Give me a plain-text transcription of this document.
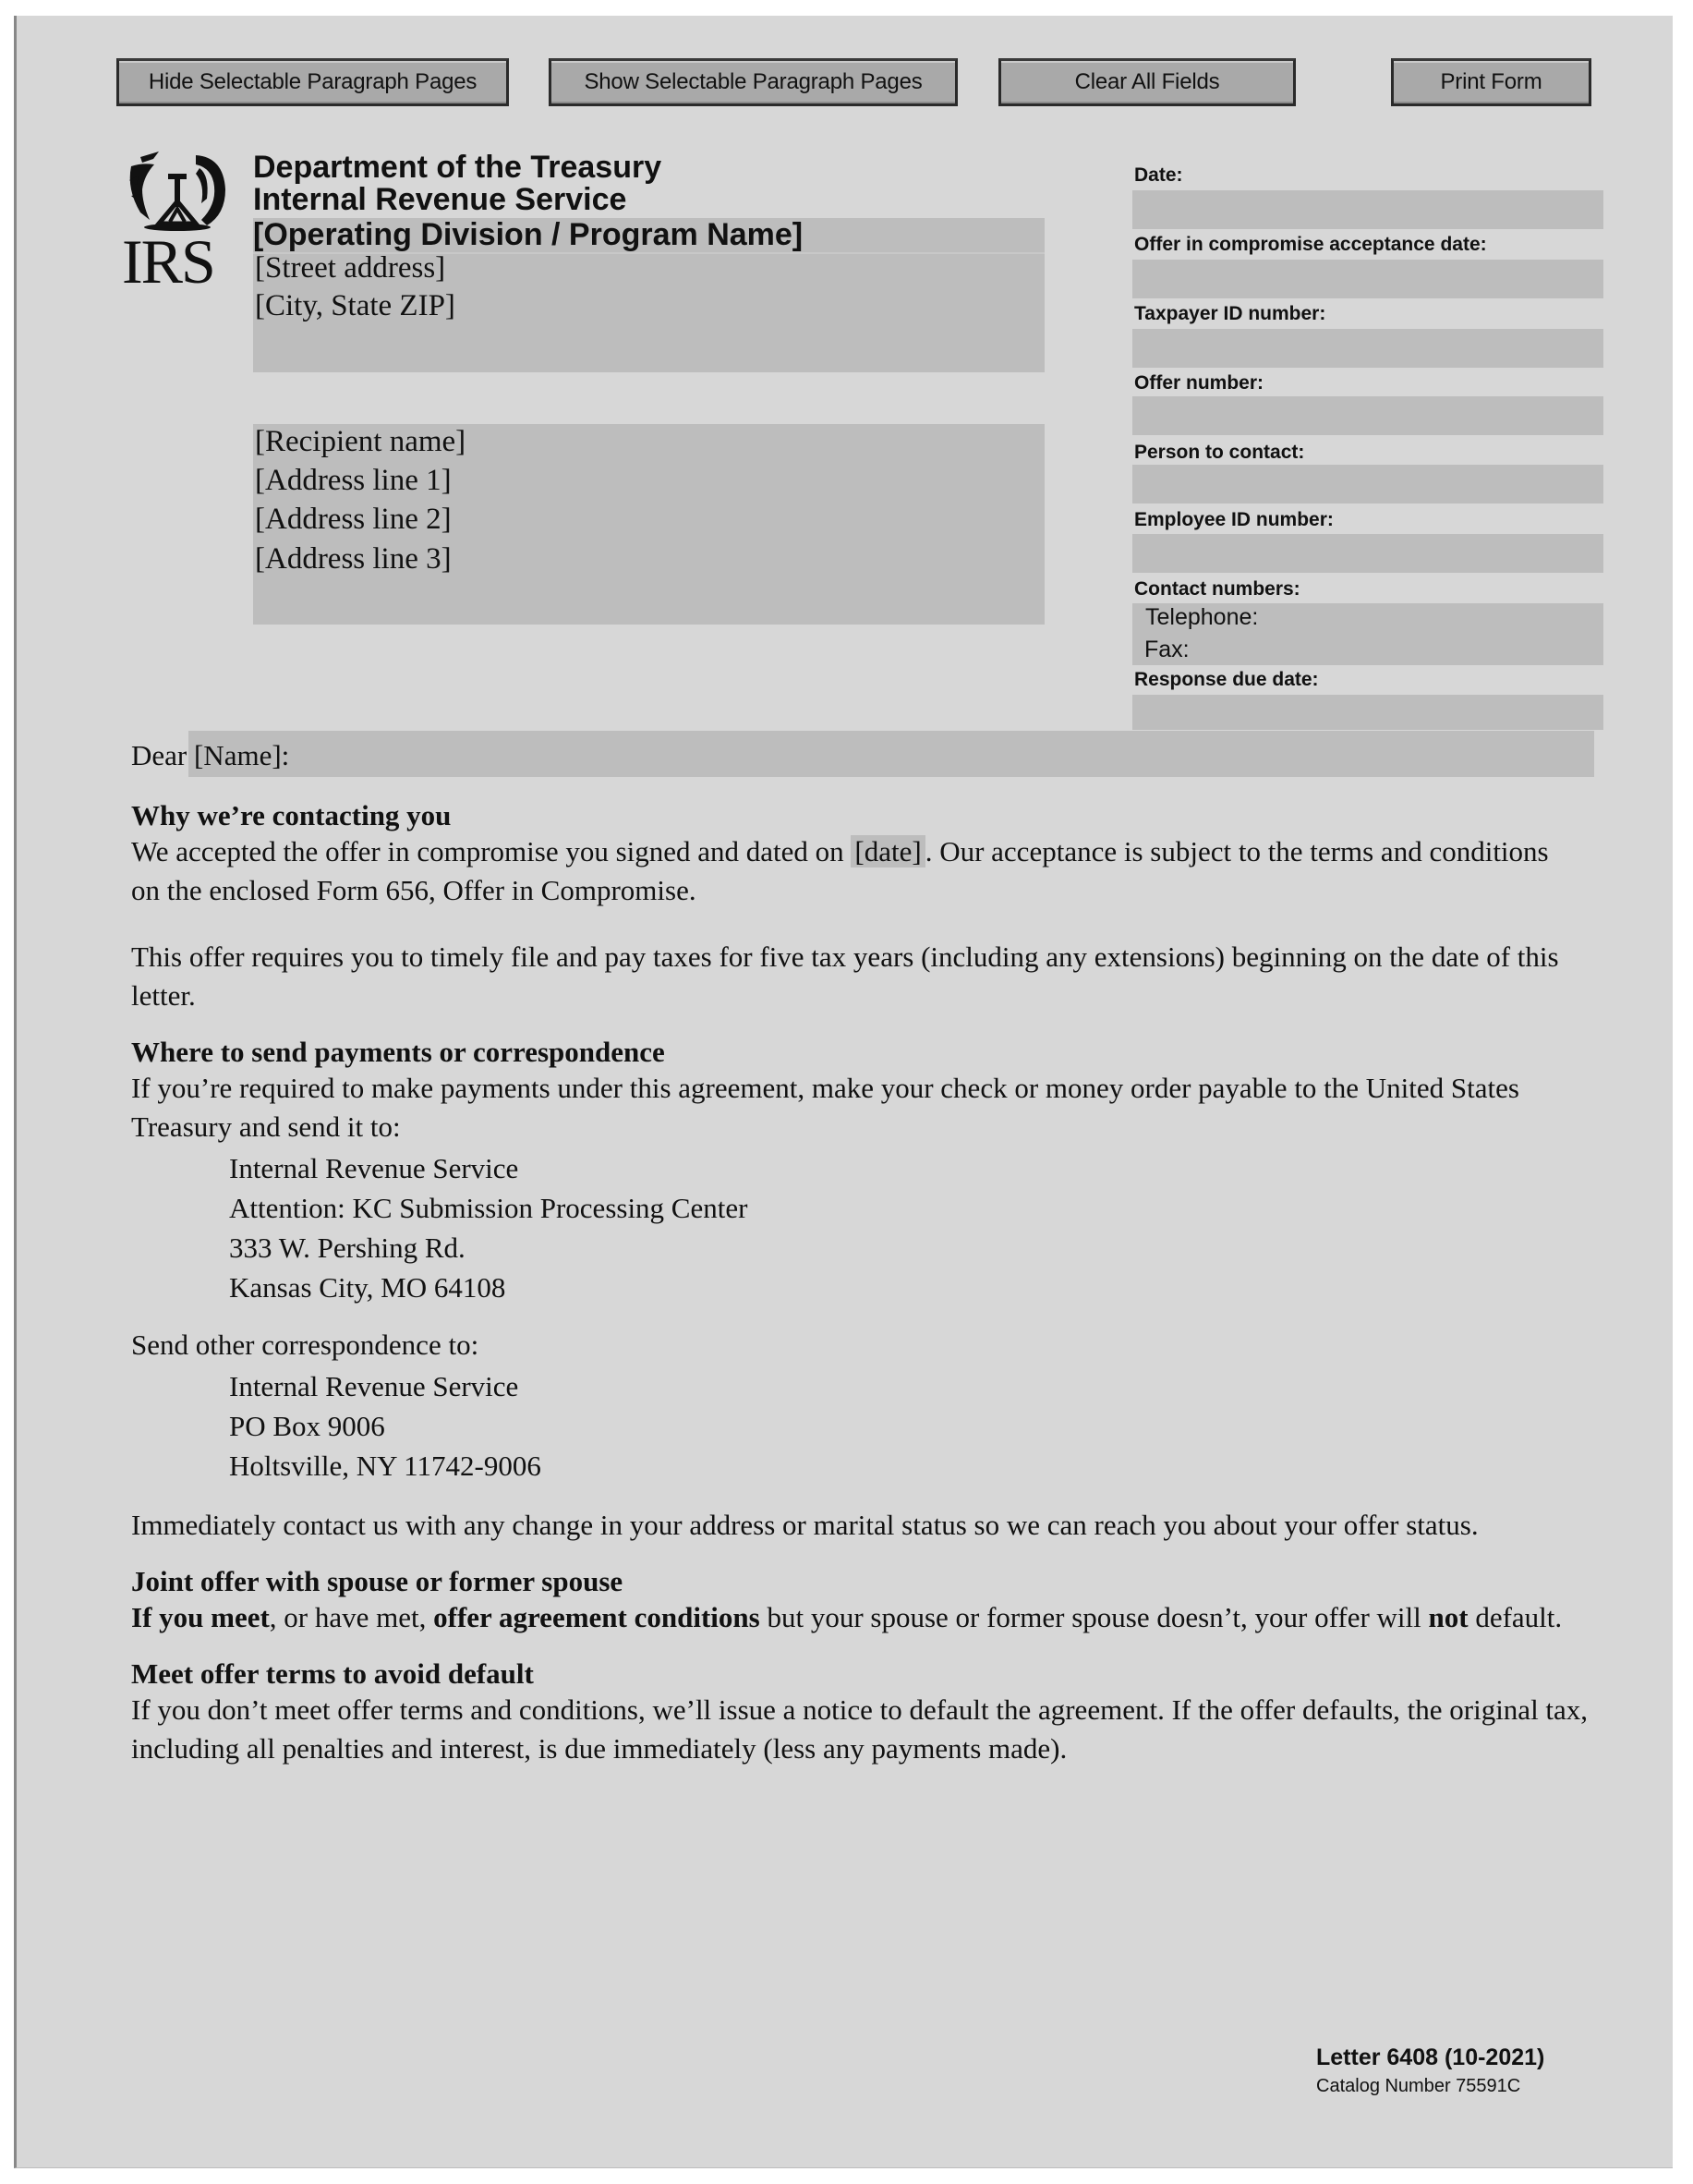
Hide Selectable Paragraph Pages	Show Selectable Paragraph Pages	Clear All Fields	Print Form
IRS
Department of the Treasury
Internal Revenue Service
[Operating Division / Program Name]
[Street address]
[City, State ZIP]
[Recipient name]
[Address line 1]
[Address line 2]
[Address line 3]
Date:
Offer in compromise acceptance date:
Taxpayer ID number:
Offer number:
Person to contact:
Employee ID number:
Contact numbers:
Telephone:
Fax:
Response due date:
Dear [Name]:

Why we’re contacting you

We accepted the offer in compromise you signed and dated on [date] . Our acceptance is subject to the terms and conditions on the enclosed Form 656, Offer in Compromise.

This offer requires you to timely file and pay taxes for five tax years (including any extensions) beginning on the date of this letter.

Where to send payments or correspondence

If you’re required to make payments under this agreement, make your check or money order payable to the United States Treasury and send it to:

Internal Revenue Service
Attention: KC Submission Processing Center
333 W. Pershing Rd.
Kansas City, MO 64108

Send other correspondence to:

Internal Revenue Service
PO Box 9006
Holtsville, NY 11742-9006

Immediately contact us with any change in your address or marital status so we can reach you about your offer status.

Joint offer with spouse or former spouse

If you meet, or have met, offer agreement conditions but your spouse or former spouse doesn’t, your offer will not default.

Meet offer terms to avoid default

If you don’t meet offer terms and conditions, we’ll issue a notice to default the agreement. If the offer defaults, the original tax, including all penalties and interest, is due immediately (less any payments made).

Letter 6408 (10-2021)
Catalog Number 75591C
